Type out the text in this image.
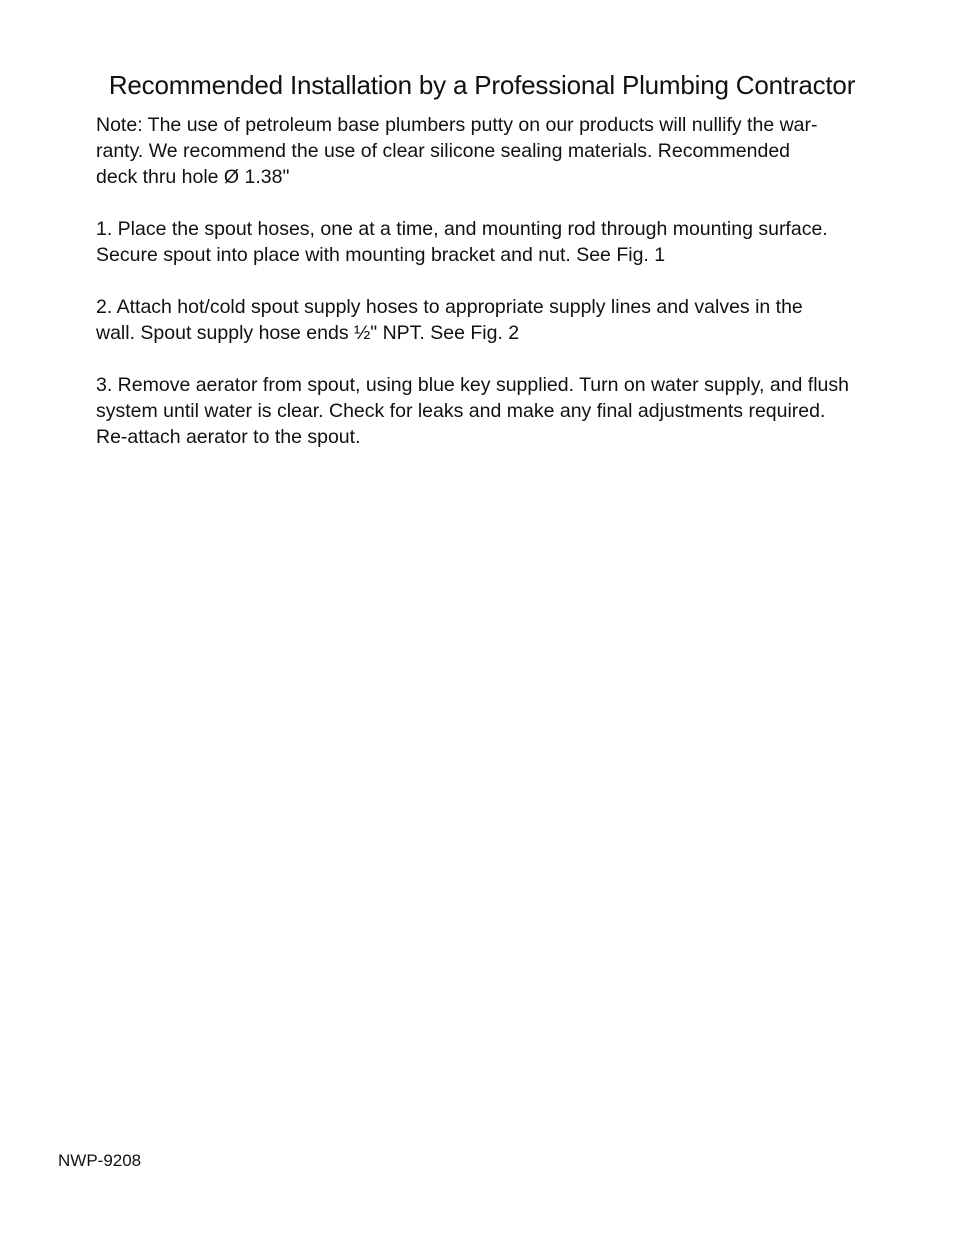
Recommended Installation by a Professional Plumbing Contractor

Note: The use of petroleum base plumbers putty on our products will nullify the war-
ranty. We recommend the use of clear silicone sealing materials. Recommended
deck thru hole Ø 1.38"

1. Place the spout hoses, one at a time, and mounting rod through mounting surface.
Secure spout into place with mounting bracket and nut. See Fig. 1

2. Attach hot/cold spout supply hoses to appropriate supply lines and valves in the
wall. Spout supply hose ends ½" NPT. See Fig. 2

3. Remove aerator from spout, using blue key supplied. Turn on water supply, and flush
system until water is clear. Check for leaks and make any final adjustments required.
Re-attach aerator to the spout.

NWP-9208
